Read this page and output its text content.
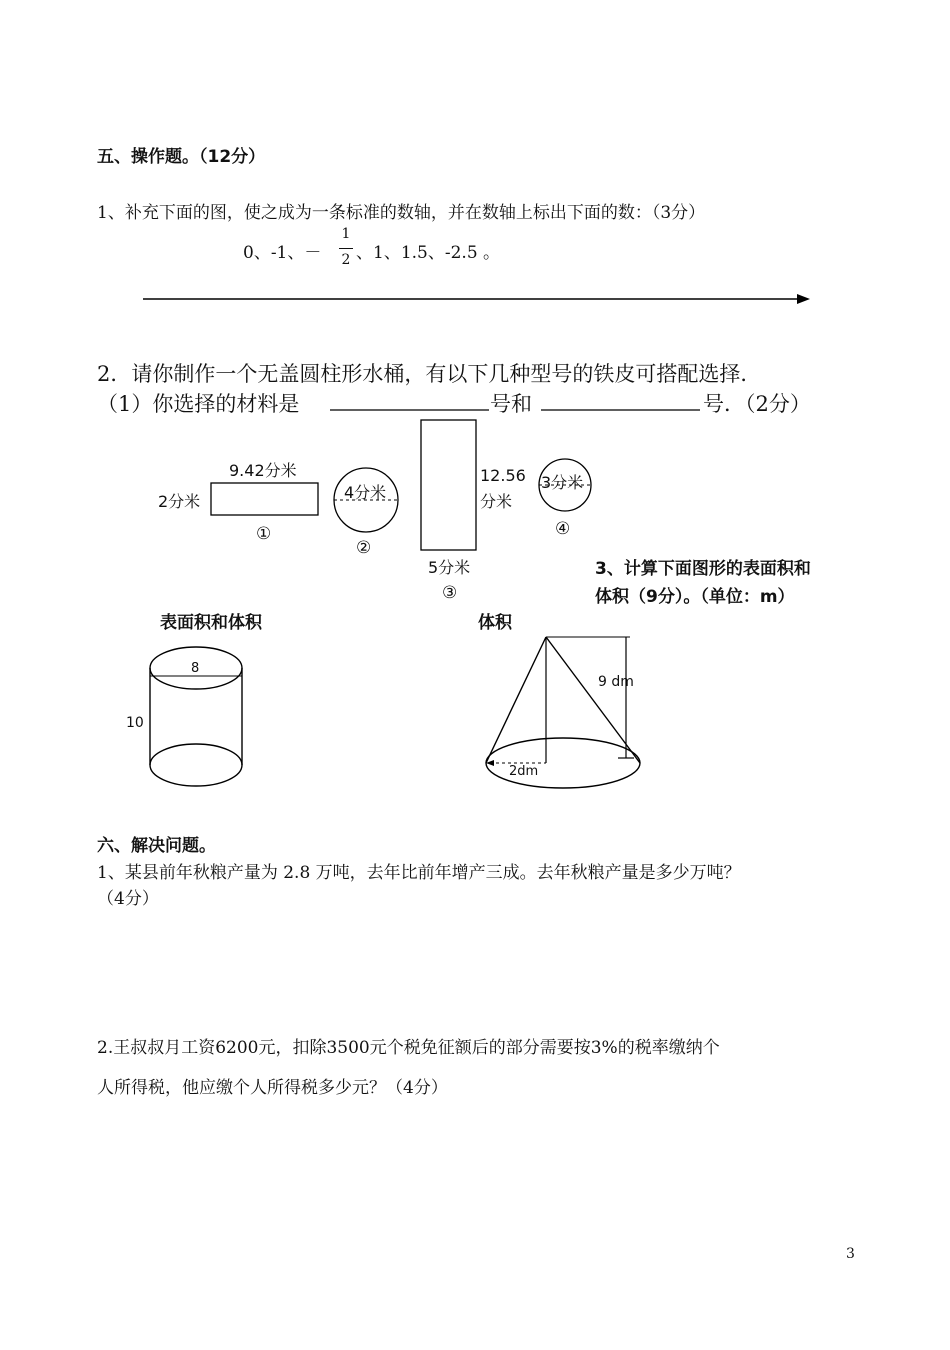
五、操作题。（12分）
1、补充下面的图，使之成为一条标准的数轴，并在数轴上标出下面的数：（3分）
0、-1、－
1
2 、1、1.5、-2.5 。
2．请你制作一个无盖圆柱形水桶，有以下几种型号的铁皮可搭配选择．
（1）你选择的材料是	号和	号．（2分）
9.42分米
2分米
①
4分米
②
12.56
分米
5分米
③
3分米
④
3、计算下面图形的表面积和
体积（9分）。（单位：m）
表面积和体积	体积
8
10
9 dm
2dm
六、解决问题。
1、某县前年秋粮产量为 2.8 万吨，去年比前年增产三成。去年秋粮产量是多少万吨？
（4分）
2.王叔叔月工资6200元，扣除3500元个税免征额后的部分需要按3%的税率缴纳个
人所得税，他应缴个人所得税多少元？（4分）
3
